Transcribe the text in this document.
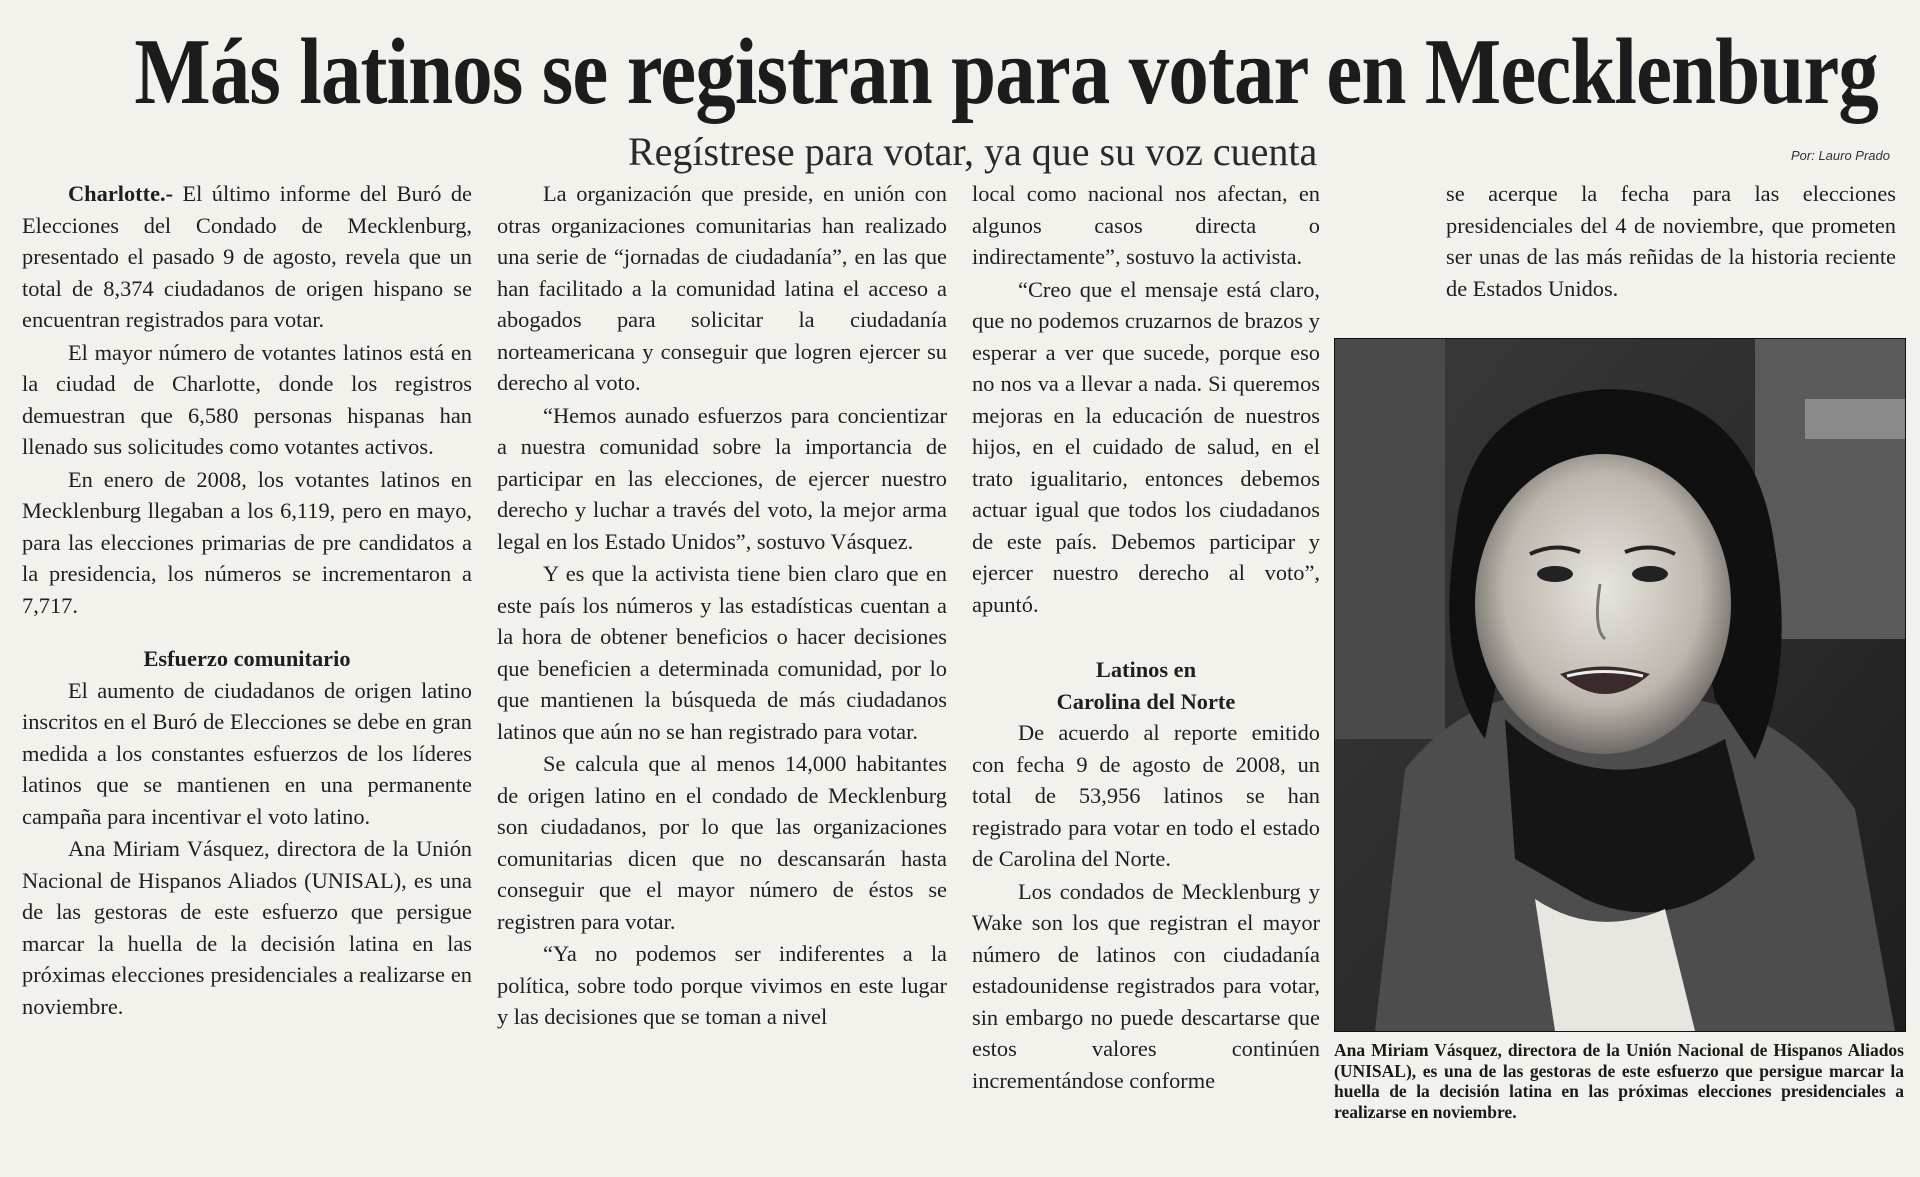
Más latinos se registran para votar en Mecklenburg
Regístrese para votar, ya que su voz cuenta	Por: Lauro Prado

Charlotte.- El último informe del Buró de Elecciones del Condado de Mecklenburg, presentado el pasado 9 de agosto, revela que un total de 8,374 ciudadanos de origen hispano se encuentran registrados para votar.

El mayor número de votantes latinos está en la ciudad de Charlotte, donde los registros demuestran que 6,580 personas hispanas han llenado sus solicitudes como votantes activos.

En enero de 2008, los votantes latinos en Mecklenburg llegaban a los 6,119, pero en mayo, para las elecciones primarias de pre candidatos a la presidencia, los números se incrementaron a 7,717.

Esfuerzo comunitario

El aumento de ciudadanos de origen latino inscritos en el Buró de Elecciones se debe en gran medida a los constantes esfuerzos de los líderes latinos que se mantienen en una permanente campaña para incentivar el voto latino.

Ana Miriam Vásquez, directora de la Unión Nacional de Hispanos Aliados (UNISAL), es una de las gestoras de este esfuerzo que persigue marcar la huella de la decisión latina en las próximas elecciones presidenciales a realizarse en noviembre.

La organización que preside, en unión con otras organizaciones comunitarias han realizado una serie de “jornadas de ciudadanía”, en las que han facilitado a la comunidad latina el acceso a abogados para solicitar la ciudadanía norteamericana y conseguir que logren ejercer su derecho al voto.

“Hemos aunado esfuerzos para concientizar a nuestra comunidad sobre la importancia de participar en las elecciones, de ejercer nuestro derecho y luchar a través del voto, la mejor arma legal en los Estado Unidos”, sostuvo Vásquez.

Y es que la activista tiene bien claro que en este país los números y las estadísticas cuentan a la hora de obtener beneficios o hacer decisiones que beneficien a determinada comunidad, por lo que mantienen la búsqueda de más ciudadanos latinos que aún no se han registrado para votar.

Se calcula que al menos 14,000 habitantes de origen latino en el condado de Mecklenburg son ciudadanos, por lo que las organizaciones comunitarias dicen que no descansarán hasta conseguir que el mayor número de éstos se registren para votar.

“Ya no podemos ser indiferentes a la política, sobre todo porque vivimos en este lugar y las decisiones que se toman a nivel

local como nacional nos afectan, en algunos casos directa o indirectamente”, sostuvo la activista.

“Creo que el mensaje está claro, que no podemos cruzarnos de brazos y esperar a ver que sucede, porque eso no nos va a llevar a nada. Si queremos mejoras en la educación de nuestros hijos, en el cuidado de salud, en el trato igualitario, entonces debemos actuar igual que todos los ciudadanos de este país. Debemos participar y ejercer nuestro derecho al voto”, apuntó.

Latinos en
Carolina del Norte

De acuerdo al reporte emitido con fecha 9 de agosto de 2008, un total de 53,956 latinos se han registrado para votar en todo el estado de Carolina del Norte.

Los condados de Mecklenburg y Wake son los que registran el mayor número de latinos con ciudadanía estadounidense registrados para votar, sin embargo no puede descartarse que estos valores continúen incrementándose conforme

se acerque la fecha para las elecciones presidenciales del 4 de noviembre, que prometen ser unas de las más reñidas de la historia reciente de Estados Unidos.

Ana Miriam Vásquez, directora de la Unión Nacional de Hispanos Aliados (UNISAL), es una de las gestoras de este esfuerzo que persigue marcar la huella de la decisión latina en las próximas elecciones presidenciales a realizarse en noviembre.
